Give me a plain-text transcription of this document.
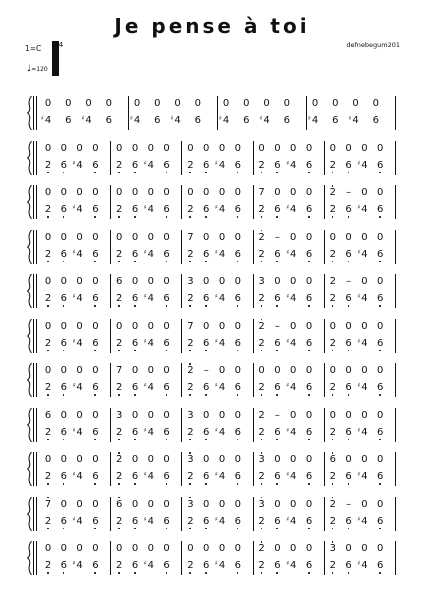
Je pense à toi
defnebegum201
1=C	4
♩=120
0 0 0 0
4
♯ 6 4
♯ 6
0 0 0 0
4
♯ 6 4
♯ 6
0 0 0 0
4
♯ 6 4
♯ 6
0 0 0 0
4
♯ 6 4
♯ 6
0 0 0 0
2 6 4
♯ 6
0 0 0 0
2 6 4
♯ 6
0 0 0 0
2 6 4
♯ 6
0 0 0 0
2 6 4
♯ 6
0 0 0 0
2 6 4
♯ 6
0 0 0 0
2 6 4
♯ 6
0 0 0 0
2 6 4
♯ 6
0 0 0 0
2 6 4
♯ 6
7 0 0 0
2 6 4
♯ 6
2 – 0 0
2 6 4
♯ 6
0 0 0 0
2 6 4
♯ 6
0 0 0 0
2 6 4
♯ 6
7 0 0 0
2 6 4
♯ 6
2 – 0 0
2 6 4
♯ 6
0 0 0 0
2 6 4
♯ 6
0 0 0 0
2 6 4
♯ 6
6 0 0 0
2 6 4
♯ 6
3 0 0 0
2 6 4
♯ 6
3 0 0 0
2 6 4
♯ 6
2 – 0 0
2 6 4
♯ 6
0 0 0 0
2 6 4
♯ 6
0 0 0 0
2 6 4
♯ 6
7 0 0 0
2 6 4
♯ 6
2 – 0 0
2 6 4
♯ 6
0 0 0 0
2 6 4
♯ 6
0 0 0 0
2 6 4
♯ 6
7 0 0 0
2 6 4
♯ 6
2 – 0 0
2 6 4
♯ 6
0 0 0 0
2 6 4
♯ 6
0 0 0 0
2 6 4
♯ 6
6 0 0 0
2 6 4
♯ 6
3 0 0 0
2 6 4
♯ 6
3 0 0 0
2 6 4
♯ 6
2 – 0 0
2 6 4
♯ 6
0 0 0 0
2 6 4
♯ 6
0 0 0 0
2 6 4
♯ 6
2 0 0 0
2 6 4
♯ 6
3 0 0 0
2 6 4
♯ 6
3 0 0 0
2 6 4
♯ 6
6 0 0 0
2 6 4
♯ 6
7 0 0 0
2 6 4
♯ 6
6 0 0 0
2 6 4
♯ 6
3 0 0 0
2 6 4
♯ 6
3 0 0 0
2 6 4
♯ 6
2 – 0 0
2 6 4
♯ 6
0 0 0 0
2 6 4
♯ 6
0 0 0 0
2 6 4
♯ 6
0 0 0 0
2 6 4
♯ 6
2 0 0 0
2 6 4
♯ 6
3 0 0 0
2 6 4
♯ 6
